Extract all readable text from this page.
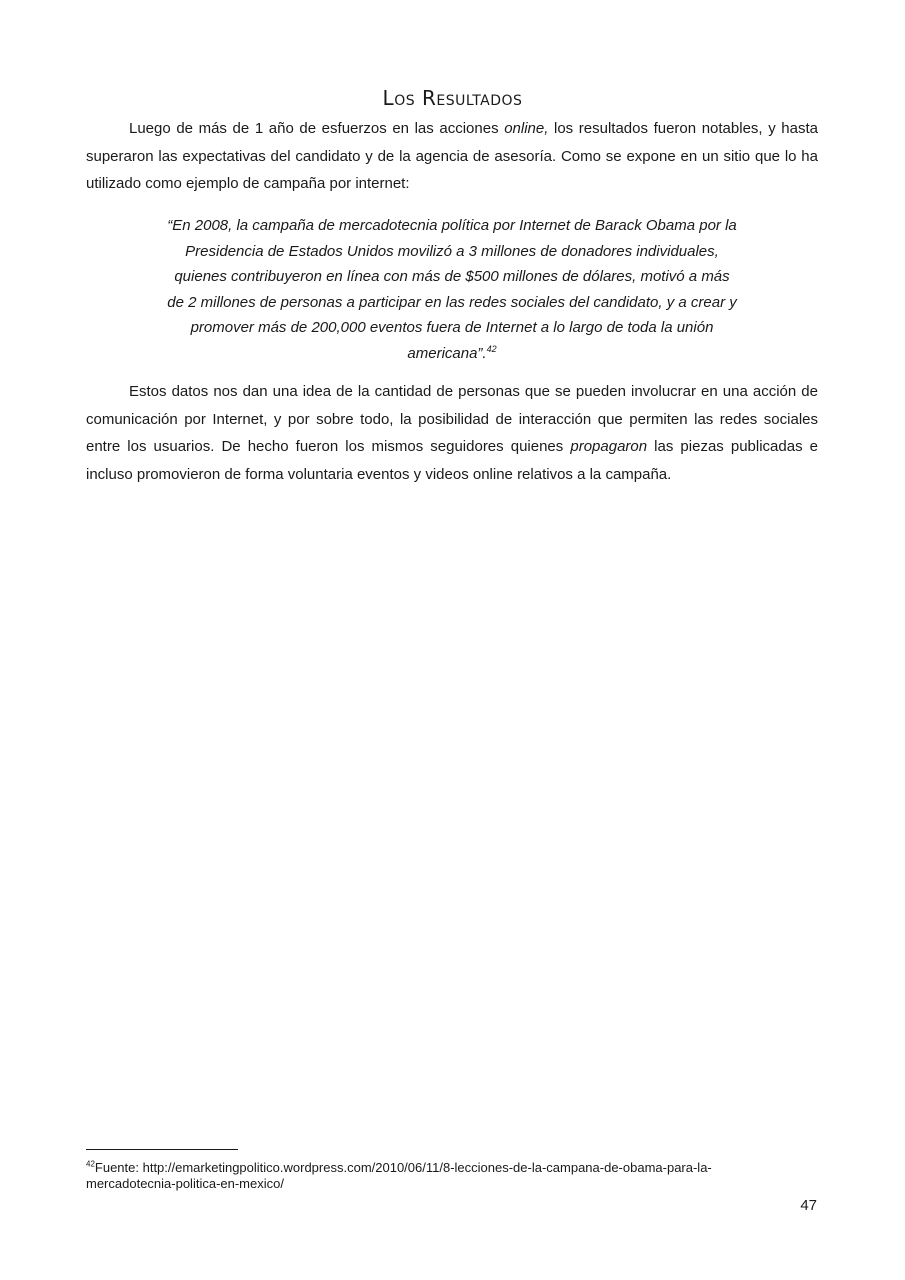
Los Resultados

Luego de más de 1 año de esfuerzos en las acciones online, los resultados fueron notables, y hasta superaron las expectativas del candidato y de la agencia de asesoría. Como se expone en un sitio que lo ha utilizado como ejemplo de campaña por internet:

“En 2008, la campaña de mercadotecnia política por Internet de Barack Obama por la
Presidencia de Estados Unidos movilizó a 3 millones de donadores individuales,
quienes contribuyeron en línea con más de $500 millones de dólares, motivó a más
de 2 millones de personas a participar en las redes sociales del candidato, y a crear y
promover más de 200,000 eventos fuera de Internet a lo largo de toda la unión
americana”.$^{42}$

Estos datos nos dan una idea de la cantidad de personas que se pueden involucrar en una acción de comunicación por Internet, y por sobre todo, la posibilidad de interacción que permiten las redes sociales entre los usuarios. De hecho fueron los mismos seguidores quienes propagaron las piezas publicadas e incluso promovieron de forma voluntaria eventos y videos online relativos a la campaña.

$^{42}$Fuente: http://emarketingpolitico.wordpress.com/2010/06/11/8-lecciones-de-la-campana-de-obama-para-la-mercadotecnia-politica-en-mexico/

47
